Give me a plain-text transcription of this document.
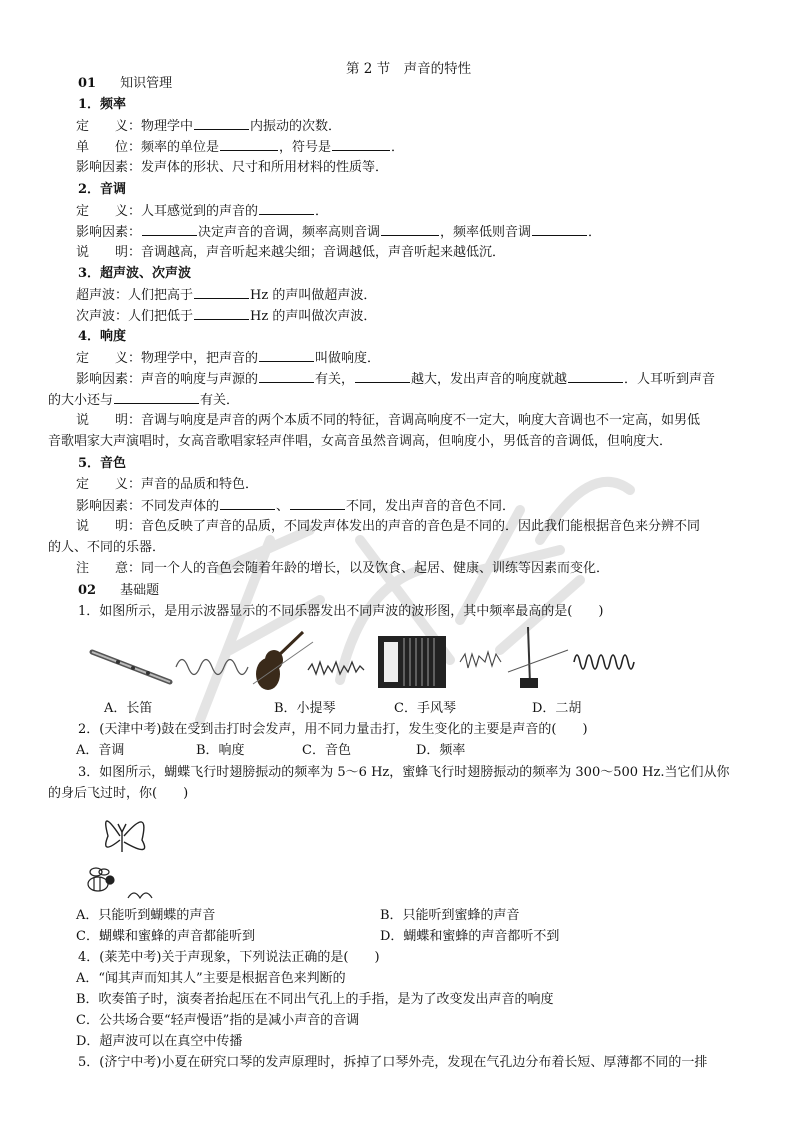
第 2 节　声音的特性
01 知识管理
1．频率
定　　义：物理学中	内振动的次数．
单　　位：频率的单位是	，符号是	．
影响因素：发声体的形状、尺寸和所用材料的性质等．
2．音调
定　　义：人耳感觉到的声音的	．
影响因素：	决定声音的音调，频率高则音调	，频率低则音调	．
说　　明：音调越高，声音听起来越尖细；音调越低，声音听起来越低沉．
3．超声波、次声波
超声波：人们把高于	Hz 的声叫做超声波．
次声波：人们把低于	Hz 的声叫做次声波．
4．响度
定　　义：物理学中，把声音的	叫做响度．
影响因素：声音的响度与声源的	有关，	越大，发出声音的响度就越	．人耳听到声音
的大小还与	有关．
说　　明：音调与响度是声音的两个本质不同的特征，音调高响度不一定大，响度大音调也不一定高，如男低
音歌唱家大声演唱时，女高音歌唱家轻声伴唱，女高音虽然音调高，但响度小，男低音的音调低，但响度大．
5．音色
定　　义：声音的品质和特色．
影响因素：不同发声体的	、	不同，发出声音的音色不同．
说　　明：音色反映了声音的品质，不同发声体发出的声音的音色是不同的．因此我们能根据音色来分辨不同
的人、不同的乐器．
注　　意：同一个人的音色会随着年龄的增长，以及饮食、起居、健康、训练等因素而变化．
02 基础题
1．如图所示，是用示波器显示的不同乐器发出不同声波的波形图，其中频率最高的是(　　)
A．长笛	B．小提琴	C．手风琴	D．二胡
2．(天津中考)鼓在受到击打时会发声，用不同力量击打，发生变化的主要是声音的(　　)
A．音调	B．响度	C．音色	D．频率
3．如图所示，蝴蝶飞行时翅膀振动的频率为 5～6 Hz，蜜蜂飞行时翅膀振动的频率为 300～500 Hz.当它们从你
的身后飞过时，你(　　)
A．只能听到蝴蝶的声音	B．只能听到蜜蜂的声音
C．蝴蝶和蜜蜂的声音都能听到	D．蝴蝶和蜜蜂的声音都听不到
4．(莱芜中考)关于声现象，下列说法正确的是(　　)
A．“闻其声而知其人”主要是根据音色来判断的
B．吹奏笛子时，演奏者抬起压在不同出气孔上的手指，是为了改变发出声音的响度
C．公共场合要“轻声慢语”指的是减小声音的音调
D．超声波可以在真空中传播
5．(济宁中考)小夏在研究口琴的发声原理时，拆掉了口琴外壳，发现在气孔边分布着长短、厚薄都不同的一排
